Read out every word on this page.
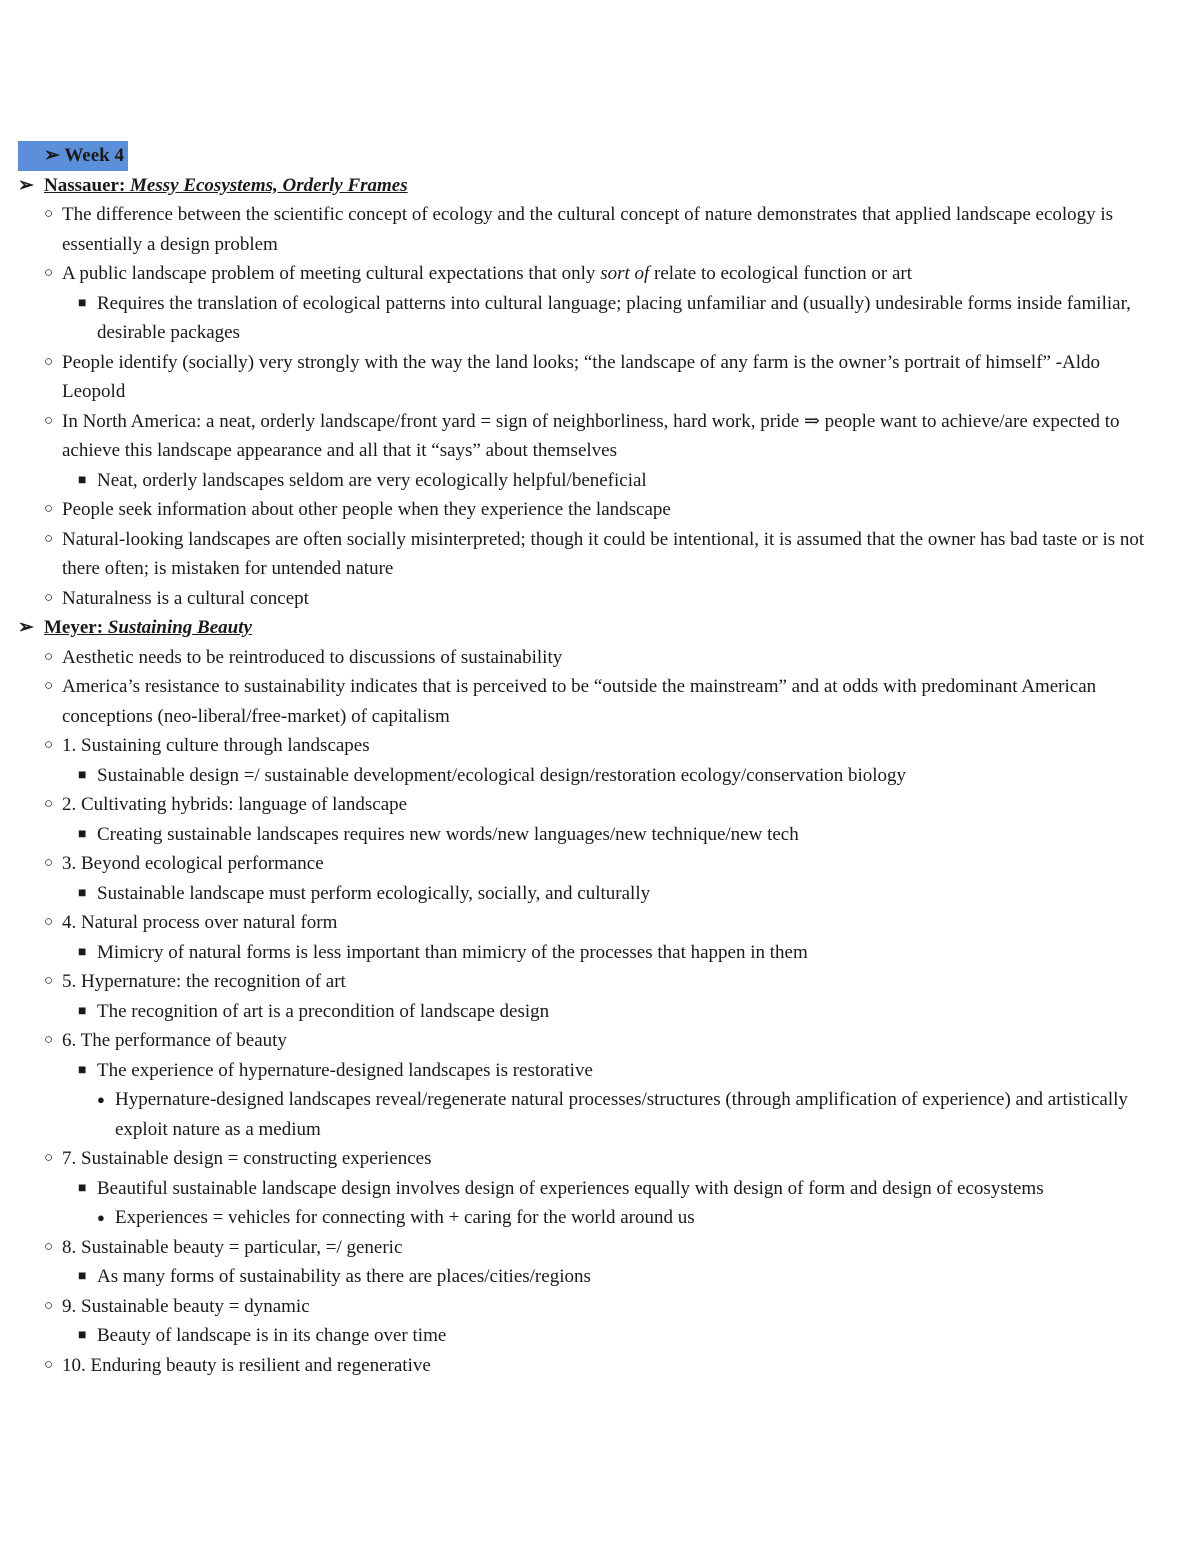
➢ Week 4
➢ Nassauer: Messy Ecosystems, Orderly Frames
○ The difference between the scientific concept of ecology and the cultural concept of nature demonstrates that applied landscape ecology is essentially a design problem
○ A public landscape problem of meeting cultural expectations that only sort of relate to ecological function or art
■ Requires the translation of ecological patterns into cultural language; placing unfamiliar and (usually) undesirable forms inside familiar, desirable packages
○ People identify (socially) very strongly with the way the land looks; “the landscape of any farm is the owner’s portrait of himself” -Aldo Leopold
○ In North America: a neat, orderly landscape/front yard = sign of neighborliness, hard work, pride ⇒ people want to achieve/are expected to achieve this landscape appearance and all that it “says” about themselves
■ Neat, orderly landscapes seldom are very ecologically helpful/beneficial
○ People seek information about other people when they experience the landscape
○ Natural-looking landscapes are often socially misinterpreted; though it could be intentional, it is assumed that the owner has bad taste or is not there often; is mistaken for untended nature
○ Naturalness is a cultural concept
➢ Meyer: Sustaining Beauty
○ Aesthetic needs to be reintroduced to discussions of sustainability
○ America’s resistance to sustainability indicates that is perceived to be “outside the mainstream” and at odds with predominant American conceptions (neo-liberal/free-market) of capitalism
○ 1. Sustaining culture through landscapes
■ Sustainable design =/ sustainable development/ecological design/restoration ecology/conservation biology
○ 2. Cultivating hybrids: language of landscape
■ Creating sustainable landscapes requires new words/new languages/new technique/new tech
○ 3. Beyond ecological performance
■ Sustainable landscape must perform ecologically, socially, and culturally
○ 4. Natural process over natural form
■ Mimicry of natural forms is less important than mimicry of the processes that happen in them
○ 5. Hypernature: the recognition of art
■ The recognition of art is a precondition of landscape design
○ 6. The performance of beauty
■ The experience of hypernature-designed landscapes is restorative
● Hypernature-designed landscapes reveal/regenerate natural processes/structures (through amplification of experience) and artistically exploit nature as a medium
○ 7. Sustainable design = constructing experiences
■ Beautiful sustainable landscape design involves design of experiences equally with design of form and design of ecosystems
● Experiences = vehicles for connecting with + caring for the world around us
○ 8. Sustainable beauty = particular, =/ generic
■ As many forms of sustainability as there are places/cities/regions
○ 9. Sustainable beauty = dynamic
■ Beauty of landscape is in its change over time
○ 10. Enduring beauty is resilient and regenerative
